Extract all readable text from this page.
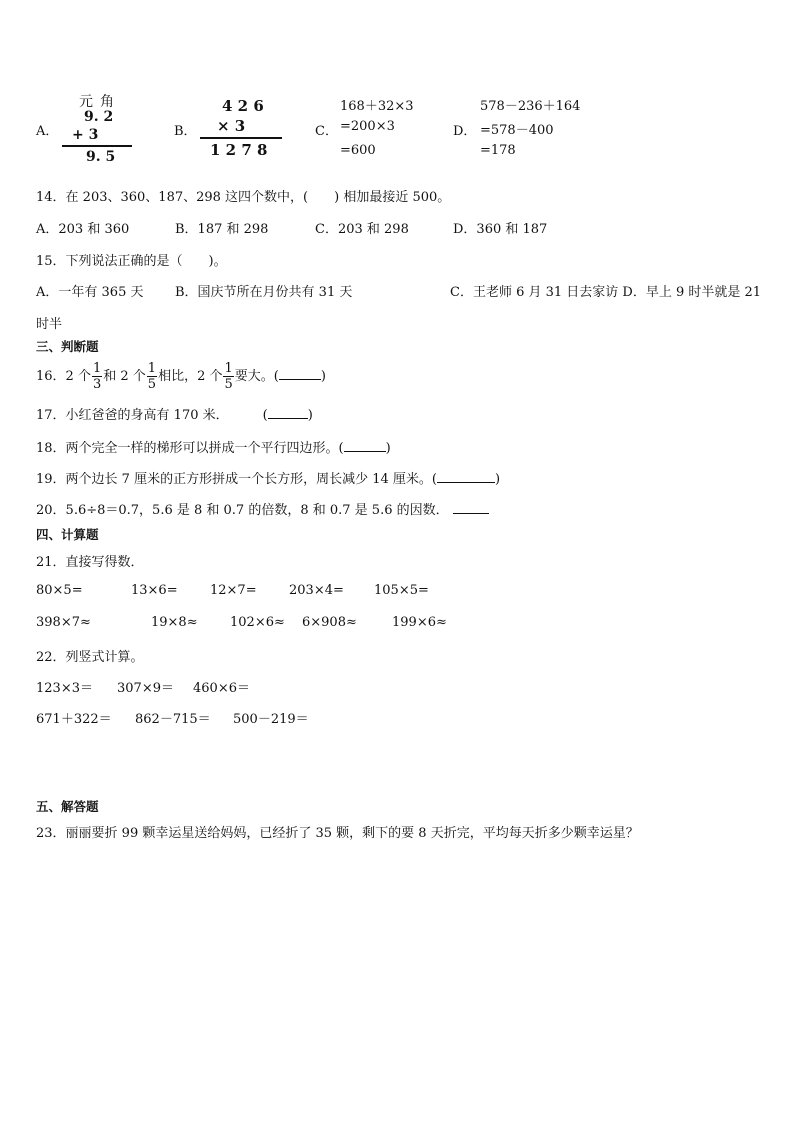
A．
元 角
9. 2
+ 3
9. 5
B．
4 2 6
× 3
1 2 7 8
C．
168＋32×3
=200×3
=600
D．
578－236＋164
=578－400
=178
14．在 203、360、187、298 这四个数中，(　　) 相加最接近 500。
A．203 和 360	B．187 和 298	C．203 和 298	D．360 和 187
15．下列说法正确的是（　　)。
A．一年有 365 天 B．国庆节所在月份共有 31 天	C．王老师 6 月 31 日去家访 D．早上 9 时半就是 21
时半
三、判断题
16．2 个 $\frac{1}{3}$ 和 2 个 $\frac{1}{5}$ 相比，2 个 $\frac{1}{5}$ 要大。(	)
17．小红爸爸的身高有 170 米．	(	)
18．两个完全一样的梯形可以拼成一个平行四边形。(	)
19．两个边长 7 厘米的正方形拼成一个长方形，周长减少 14 厘米。(	)
20．5.6÷8＝0.7，5.6 是 8 和 0.7 的倍数，8 和 0.7 是 5.6 的因数．
四、计算题
21．直接写得数．
80×5=	13×6= 12×7= 203×4= 105×5=
398×7≈	19×8≈ 102×6≈ 6×908≈	199×6≈
22．列竖式计算。
123×3＝ 307×9＝ 460×6＝
671＋322＝ 862－715＝ 500－219＝
五、解答题
23．丽丽要折 99 颗幸运星送给妈妈，已经折了 35 颗，剩下的要 8 天折完，平均每天折多少颗幸运星？
